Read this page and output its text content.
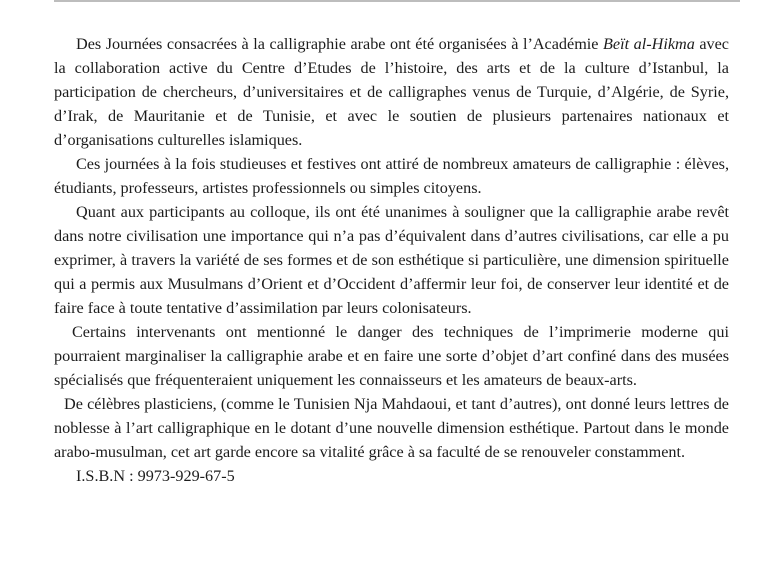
Des Journées consacrées à la calligraphie arabe ont été organisées à l’Académie Beït al-Hikma avec la collaboration active du Centre d’Etudes de l’histoire, des arts et de la culture d’Istanbul, la participation de chercheurs, d’universitaires et de calligraphes venus de Turquie, d’Algérie, de Syrie, d’Irak, de Mauritanie et de Tunisie, et avec le soutien de plusieurs partenaires nationaux et d’organisations culturelles islamiques.

Ces journées à la fois studieuses et festives ont attiré de nombreux amateurs de calligraphie : élèves, étudiants, professeurs, artistes professionnels ou simples citoyens.

Quant aux participants au colloque, ils ont été unanimes à souligner que la calligraphie arabe revêt dans notre civilisation une importance qui n’a pas d’équivalent dans d’autres civilisations, car elle a pu exprimer, à travers la variété de ses formes et de son esthétique si particulière, une dimension spirituelle qui a permis aux Musulmans d’Orient et d’Occident d’affermir leur foi, de conserver leur identité et de faire face à toute tentative d’assimilation par leurs colonisateurs.

Certains intervenants ont mentionné le danger des techniques de l’imprimerie moderne qui pourraient marginaliser la calligraphie arabe et en faire une sorte d’objet d’art confiné dans des musées spécialisés que fréquenteraient uniquement les connaisseurs et les amateurs de beaux-arts.

De célèbres plasticiens, (comme le Tunisien Nja Mahdaoui, et tant d’autres), ont donné leurs lettres de noblesse à l’art calligraphique en le dotant d’une nouvelle dimension esthétique. Partout dans le monde arabo-musulman, cet art garde encore sa vitalité grâce à sa faculté de se renouveler constamment.

I.S.B.N : 9973-929-67-5
